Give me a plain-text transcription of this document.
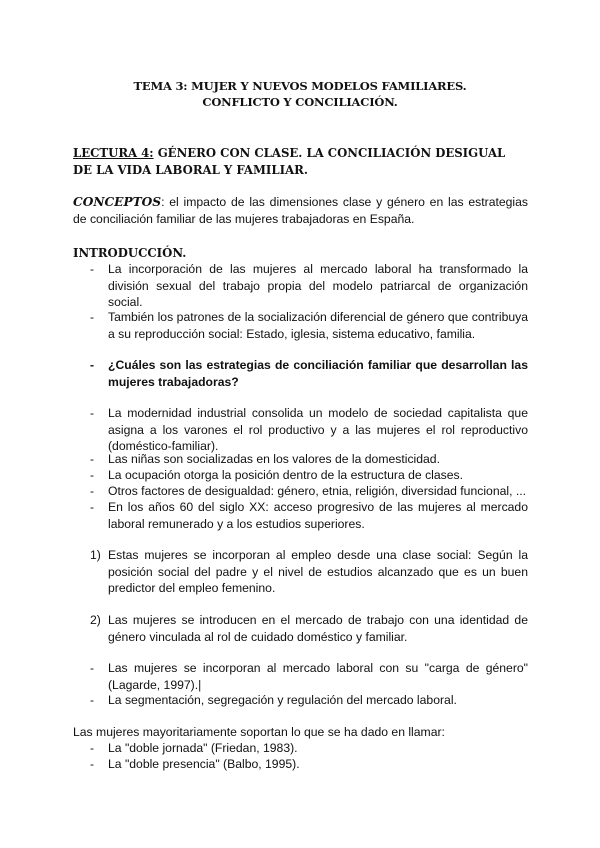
TEMA 3: MUJER Y NUEVOS MODELOS FAMILIARES.
CONFLICTO Y CONCILIACIÓN.
LECTURA 4: GÉNERO CON CLASE. LA CONCILIACIÓN DESIGUAL DE LA VIDA LABORAL Y FAMILIAR.
CONCEPTOS: el impacto de las dimensiones clase y género en las estrategias de conciliación familiar de las mujeres trabajadoras en España.
INTRODUCCIÓN.
-	La incorporación de las mujeres al mercado laboral ha transformado la división sexual del trabajo propia del modelo patriarcal de organización social.
-	También los patrones de la socialización diferencial de género que contribuya a su reproducción social: Estado, iglesia, sistema educativo, familia.
-	¿Cuáles son las estrategias de conciliación familiar que desarrollan las mujeres trabajadoras?
-	La modernidad industrial consolida un modelo de sociedad capitalista que asigna a los varones el rol productivo y a las mujeres el rol reproductivo (doméstico-familiar).
-	Las niñas son socializadas en los valores de la domesticidad.
-	La ocupación otorga la posición dentro de la estructura de clases.
-	Otros factores de desigualdad: género, etnia, religión, diversidad funcional, ...
-	En los años 60 del siglo XX: acceso progresivo de las mujeres al mercado laboral remunerado y a los estudios superiores.
1) Estas mujeres se incorporan al empleo desde una clase social: Según la posición social del padre y el nivel de estudios alcanzado que es un buen predictor del empleo femenino.
2) Las mujeres se introducen en el mercado de trabajo con una identidad de género vinculada al rol de cuidado doméstico y familiar.
-	Las mujeres se incorporan al mercado laboral con su "carga de género" (Lagarde, 1997).|
-	La segmentación, segregación y regulación del mercado laboral.
Las mujeres mayoritariamente soportan lo que se ha dado en llamar:
-	La "doble jornada" (Friedan, 1983).
-	La "doble presencia" (Balbo, 1995).
